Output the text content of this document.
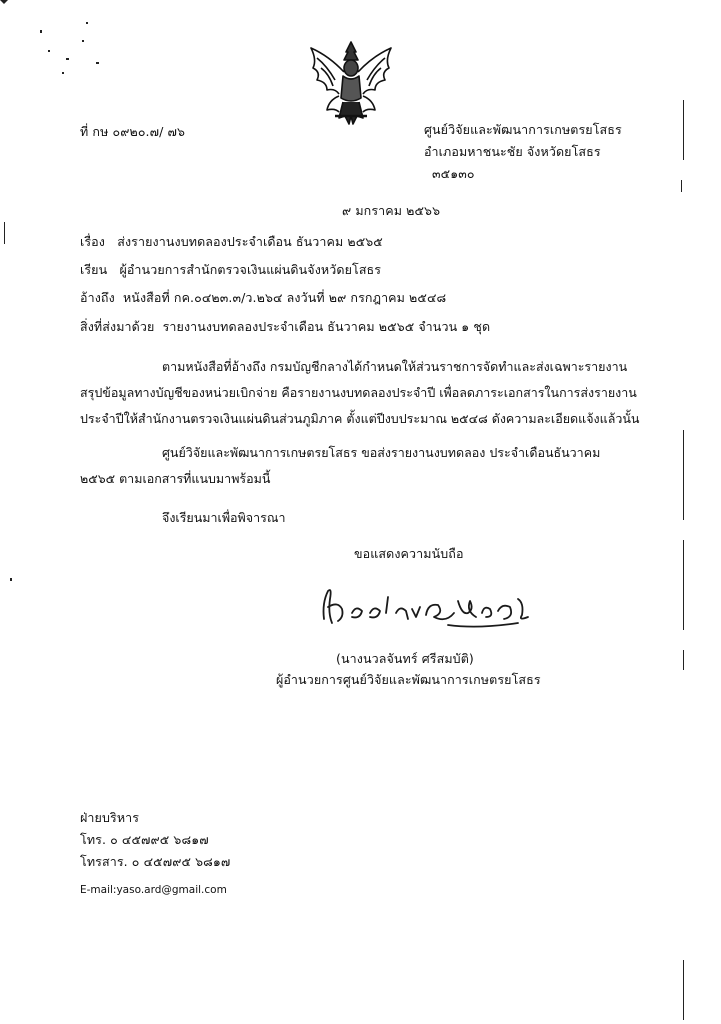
ที่ กษ ๐๙๒๐.๗/ ๗๖	ศูนย์วิจัยและพัฒนาการเกษตรยโสธร
อำเภอมหาชนะชัย จังหวัดยโสธร
๓๕๑๓๐
๙ มกราคม ๒๕๖๖
เรื่อง ส่งรายงานงบทดลองประจำเดือน ธันวาคม ๒๕๖๕
เรียน ผู้อำนวยการสำนักตรวจเงินแผ่นดินจังหวัดยโสธร
อ้างถึง หนังสือที่ กค.๐๔๒๓.๓/ว.๒๖๔ ลงวันที่ ๒๙ กรกฎาคม ๒๕๔๘
สิ่งที่ส่งมาด้วย รายงานงบทดลองประจำเดือน ธันวาคม ๒๕๖๕ จำนวน ๑ ชุด
ตามหนังสือที่อ้างถึง กรมบัญชีกลางได้กำหนดให้ส่วนราชการจัดทำและส่งเฉพาะรายงาน
สรุปข้อมูลทางบัญชีของหน่วยเบิกจ่าย คือรายงานงบทดลองประจำปี เพื่อลดภาระเอกสารในการส่งรายงาน
ประจำปีให้สำนักงานตรวจเงินแผ่นดินส่วนภูมิภาค ตั้งแต่ปีงบประมาณ ๒๕๔๘ ดังความละเอียดแจ้งแล้วนั้น
ศูนย์วิจัยและพัฒนาการเกษตรยโสธร ขอส่งรายงานงบทดลอง ประจำเดือนธันวาคม
๒๕๖๕ ตามเอกสารที่แนบมาพร้อมนี้
จึงเรียนมาเพื่อพิจารณา
ขอแสดงความนับถือ
(นางนวลจันทร์ ศรีสมบัติ)
ผู้อำนวยการศูนย์วิจัยและพัฒนาการเกษตรยโสธร
ฝ่ายบริหาร
โทร. ๐ ๔๕๗๙๕ ๖๘๑๗
โทรสาร. ๐ ๔๕๗๙๕ ๖๘๑๗
E-mail:yaso.ard@gmail.com
